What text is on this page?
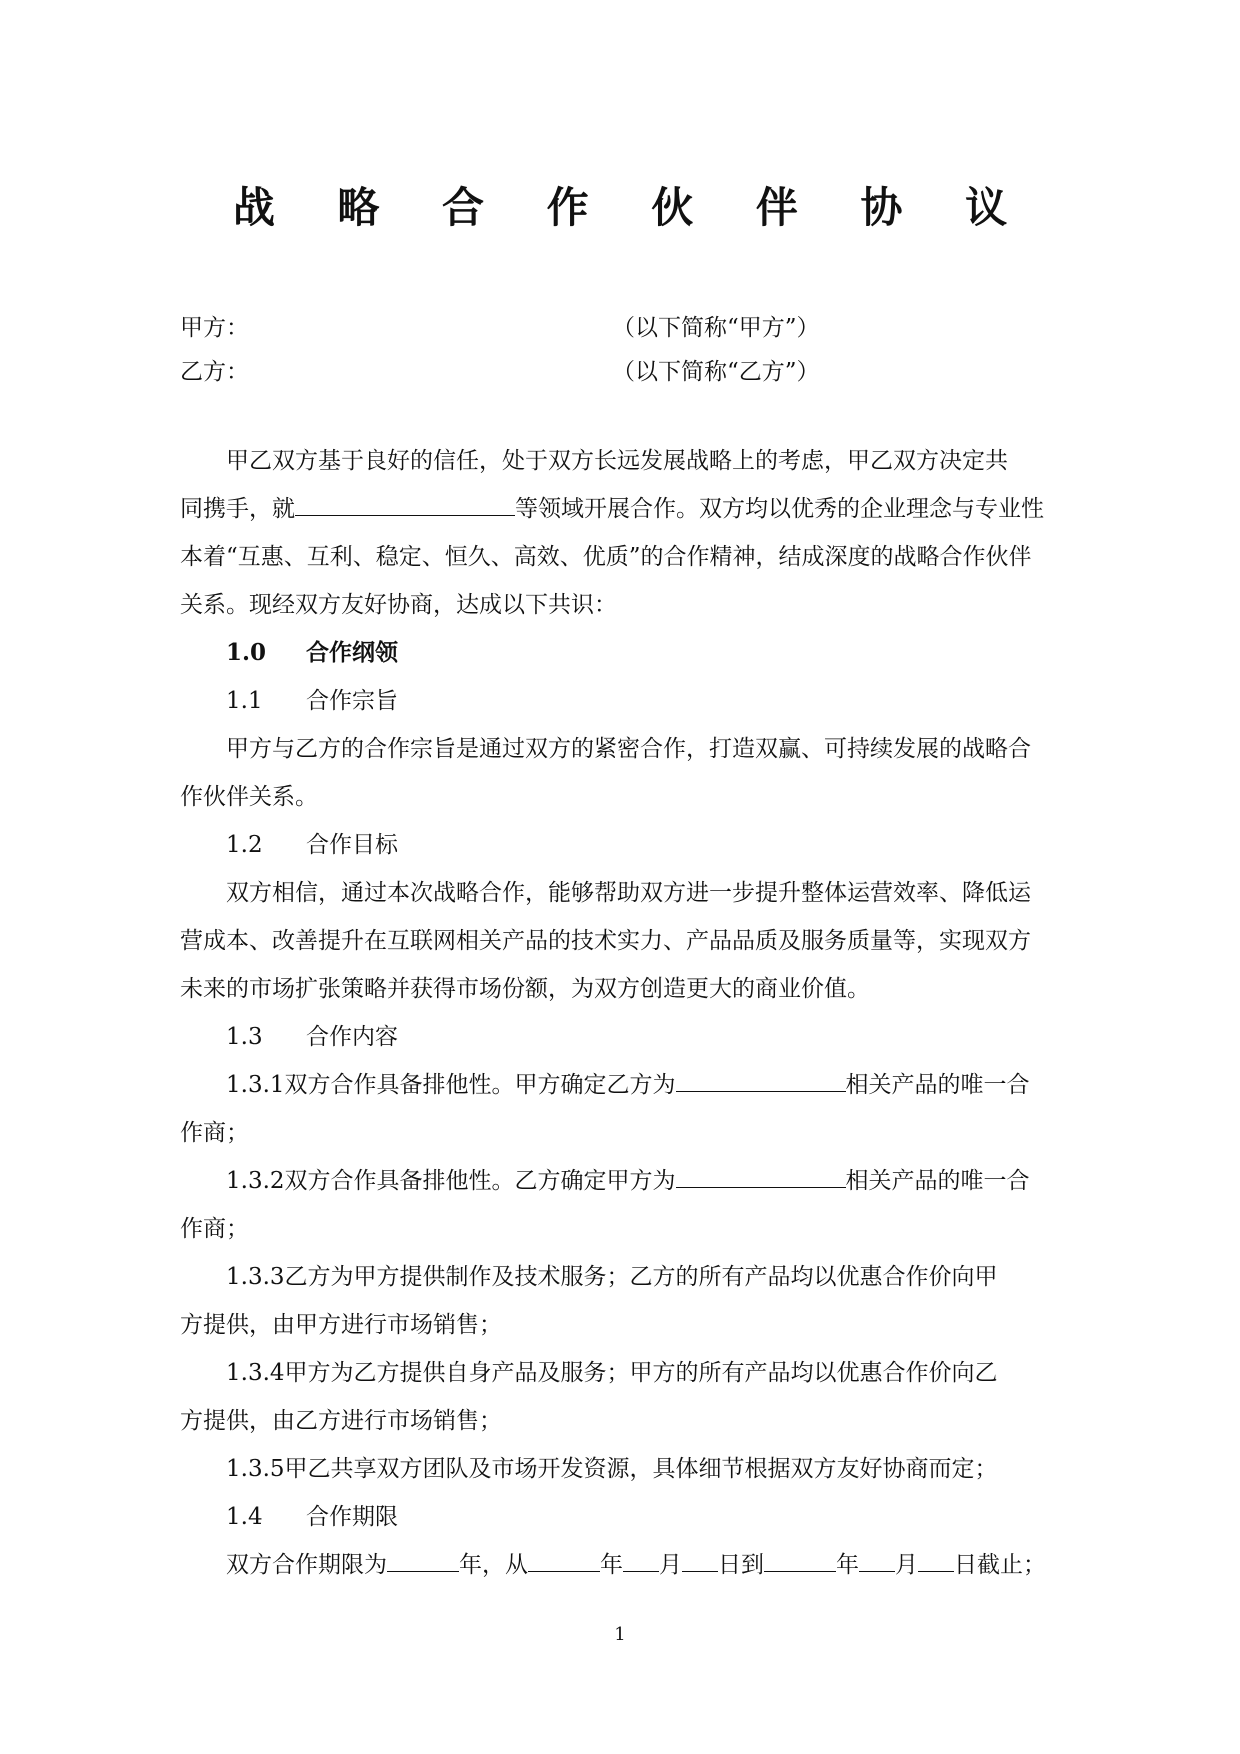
战 略 合 作 伙 伴 协 议
甲方：	（以下简称“甲方”）
乙方：	（以下简称“乙方”）
甲乙双方基于良好的信任，处于双方长远发展战略上的考虑，甲乙双方决定共
同携手，就	等领域开展合作。双方均以优秀的企业理念与专业性
本着“互惠、互利、稳定、恒久、高效、优质”的合作精神，结成深度的战略合作伙伴
关系。现经双方友好协商，达成以下共识：
1.0 合作纲领
1.1 合作宗旨
甲方与乙方的合作宗旨是通过双方的紧密合作，打造双赢、可持续发展的战略合
作伙伴关系。
1.2 合作目标
双方相信，通过本次战略合作，能够帮助双方进一步提升整体运营效率、降低运
营成本、改善提升在互联网相关产品的技术实力、产品品质及服务质量等，实现双方
未来的市场扩张策略并获得市场份额，为双方创造更大的商业价值。
1.3 合作内容
1.3.1双方合作具备排他性。甲方确定乙方为	相关产品的唯一合
作商；
1.3.2双方合作具备排他性。乙方确定甲方为	相关产品的唯一合
作商；
1.3.3乙方为甲方提供制作及技术服务；乙方的所有产品均以优惠合作价向甲
方提供，由甲方进行市场销售；
1.3.4甲方为乙方提供自身产品及服务；甲方的所有产品均以优惠合作价向乙
方提供，由乙方进行市场销售；
1.3.5甲乙共享双方团队及市场开发资源，具体细节根据双方友好协商而定；
1.4 合作期限
双方合作期限为	年，从	年 月 日到	年 月 日截止；
1
